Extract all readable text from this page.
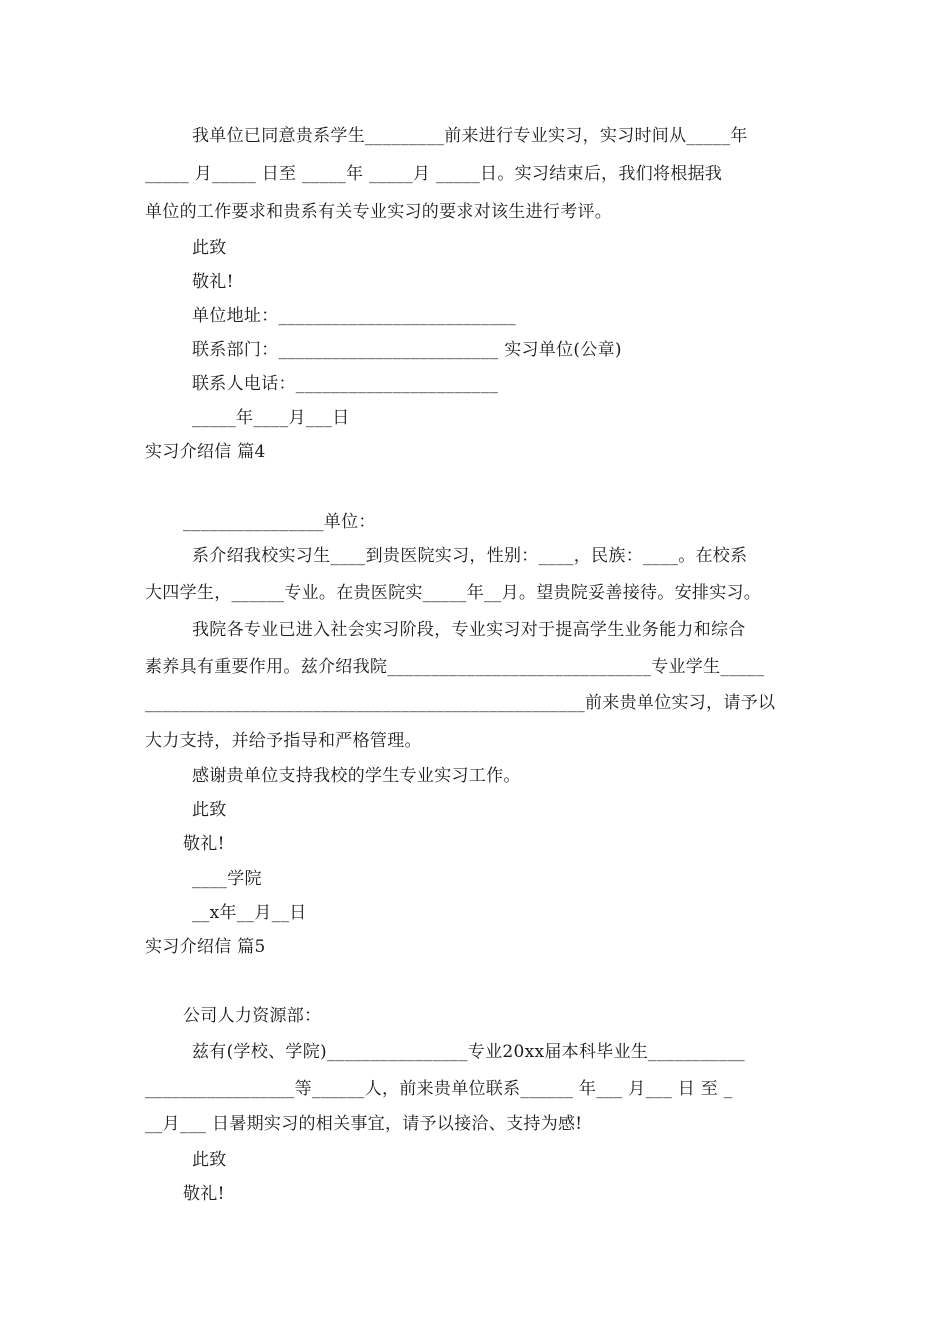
我单位已同意贵系学生_________前来进行专业实习，实习时间从_____年
_____ 月_____ 日至 _____年 _____月 _____日。实习结束后，我们将根据我
单位的工作要求和贵系有关专业实习的要求对该生进行考评。
此致
敬礼!
单位地址：___________________________
联系部门：_________________________ 实习单位(公章)
联系人电话：_______________________
_____年____月___日
实习介绍信 篇4
________________单位：
系介绍我校实习生____到贵医院实习，性别：____，民族：____。在校系
大四学生，______专业。在贵医院实_____年__月。望贵院妥善接待。安排实习。
我院各专业已进入社会实习阶段，专业实习对于提高学生业务能力和综合
素养具有重要作用。兹介绍我院______________________________专业学生_____
__________________________________________________前来贵单位实习，请予以
大力支持，并给予指导和严格管理。
感谢贵单位支持我校的学生专业实习工作。
此致
敬礼!
____学院
__x年__月__日
实习介绍信 篇5
公司人力资源部：
兹有(学校、学院)________________专业20xx届本科毕业生___________
_________________等______人，前来贵单位联系______ 年___ 月___ 日 至 _
__月___ 日暑期实习的相关事宜，请予以接洽、支持为感!
此致
敬礼!
